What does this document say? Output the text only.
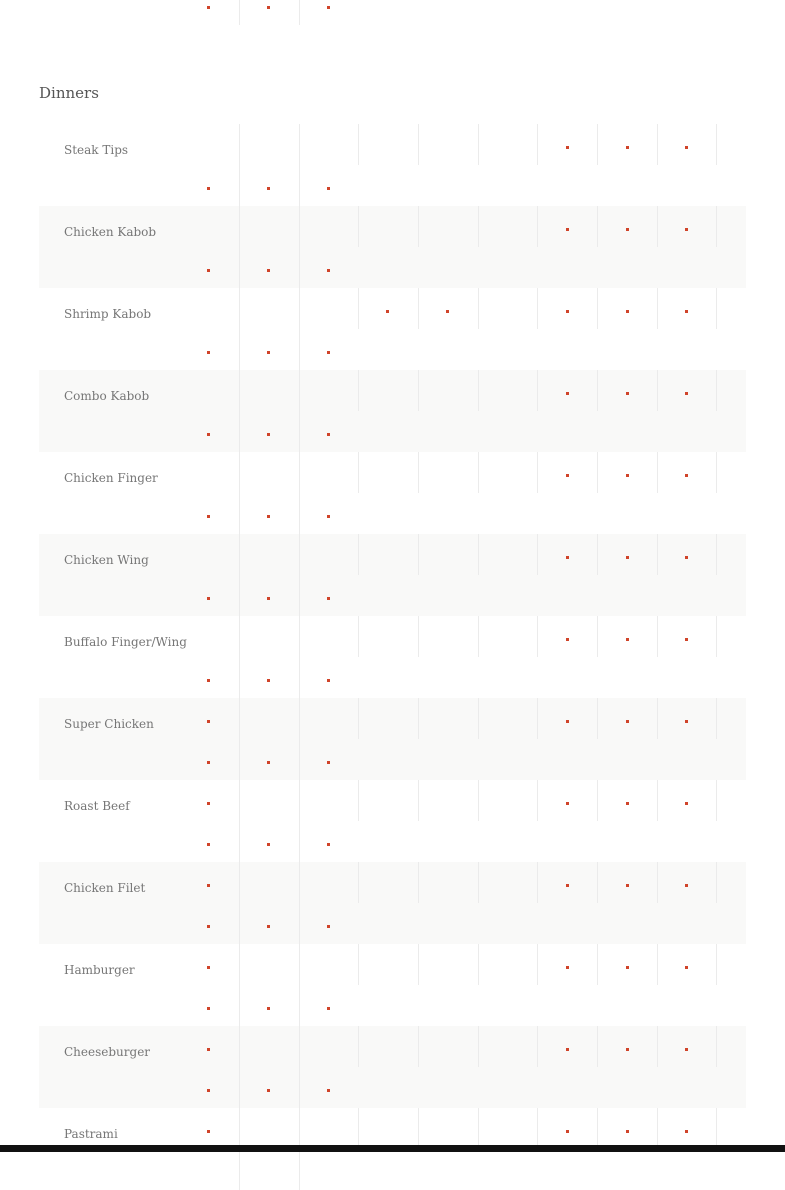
Dinners
Steak Tips
Chicken Kabob
Shrimp Kabob
Combo Kabob
Chicken Finger
Chicken Wing
Buffalo Finger/Wing
Super Chicken
Roast Beef
Chicken Filet
Hamburger
Cheeseburger
Pastrami
